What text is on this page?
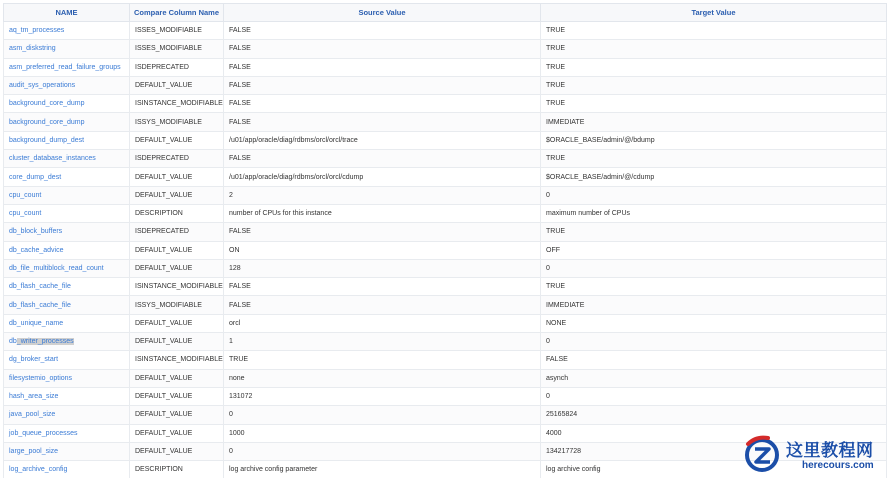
NAME	Compare Column Name	Source Value	Target Value
aq_tm_processes	ISSES_MODIFIABLE	FALSE	TRUE
asm_diskstring	ISSES_MODIFIABLE	FALSE	TRUE
asm_preferred_read_failure_groups	ISDEPRECATED	FALSE	TRUE
audit_sys_operations	DEFAULT_VALUE	FALSE	TRUE
background_core_dump	ISINSTANCE_MODIFIABLE	FALSE	TRUE
background_core_dump	ISSYS_MODIFIABLE	FALSE	IMMEDIATE
background_dump_dest	DEFAULT_VALUE	/u01/app/oracle/diag/rdbms/orcl/orcl/trace	$ORACLE_BASE/admin/@/bdump
cluster_database_instances	ISDEPRECATED	FALSE	TRUE
core_dump_dest	DEFAULT_VALUE	/u01/app/oracle/diag/rdbms/orcl/orcl/cdump	$ORACLE_BASE/admin/@/cdump
cpu_count	DEFAULT_VALUE	2	0
cpu_count	DESCRIPTION	number of CPUs for this instance	maximum number of CPUs
db_block_buffers	ISDEPRECATED	FALSE	TRUE
db_cache_advice	DEFAULT_VALUE	ON	OFF
db_file_multiblock_read_count	DEFAULT_VALUE	128	0
db_flash_cache_file	ISINSTANCE_MODIFIABLE	FALSE	TRUE
db_flash_cache_file	ISSYS_MODIFIABLE	FALSE	IMMEDIATE
db_unique_name	DEFAULT_VALUE	orcl	NONE
db_writer_processes	DEFAULT_VALUE	1	0
dg_broker_start	ISINSTANCE_MODIFIABLE	TRUE	FALSE
filesystemio_options	DEFAULT_VALUE	none	asynch
hash_area_size	DEFAULT_VALUE	131072	0
java_pool_size	DEFAULT_VALUE	0	25165824
job_queue_processes	DEFAULT_VALUE	1000	4000
large_pool_size	DEFAULT_VALUE	0	134217728
log_archive_config	DESCRIPTION	log archive config parameter	log archive config
这里教程网
herecours.com
